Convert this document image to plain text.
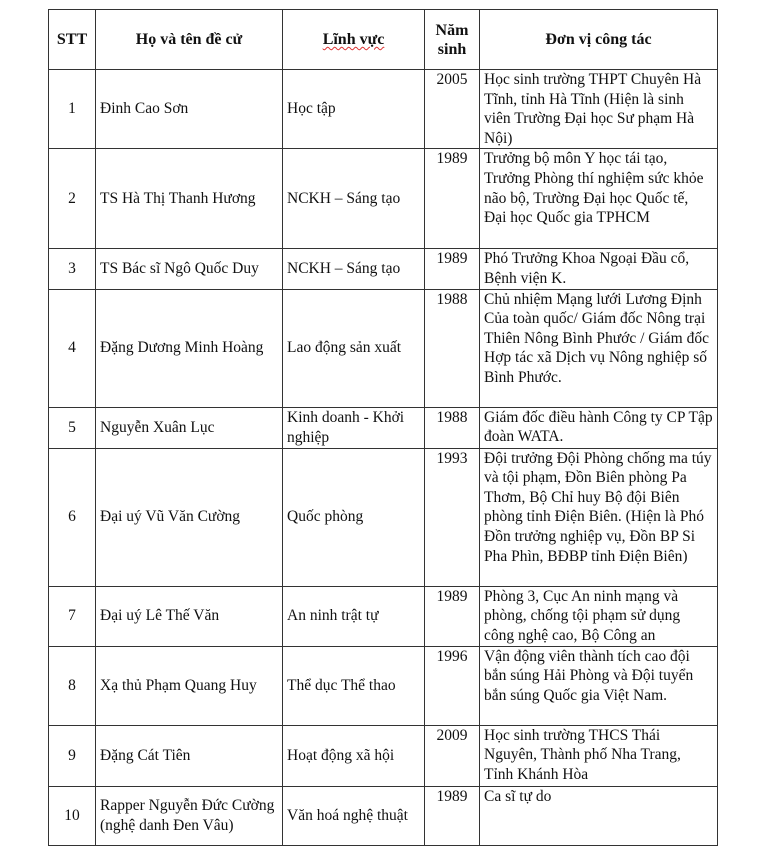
STT	Họ và tên đề cử	Lĩnh vực	Năm sinh	Đơn vị công tác
1	Đinh Cao Sơn	Học tập	2005	Học sinh trường THPT Chuyên Hà Tĩnh, tỉnh Hà Tĩnh (Hiện là sinh viên Trường Đại học Sư phạm Hà Nội)
2	TS Hà Thị Thanh Hương	NCKH – Sáng tạo	1989	Trưởng bộ môn Y học tái tạo, Trưởng Phòng thí nghiệm sức khỏe não bộ, Trường Đại học Quốc tế, Đại học Quốc gia TPHCM
3	TS Bác sĩ Ngô Quốc Duy	NCKH – Sáng tạo	1989	Phó Trưởng Khoa Ngoại Đầu cổ, Bệnh viện K.
4	Đặng Dương Minh Hoàng	Lao động sản xuất	1988	Chủ nhiệm Mạng lưới Lương Định Của toàn quốc/ Giám đốc Nông trại Thiên Nông Bình Phước / Giám đốc Hợp tác xã Dịch vụ Nông nghiệp số Bình Phước.
5	Nguyễn Xuân Lục	Kinh doanh - Khởi nghiệp	1988	Giám đốc điều hành Công ty CP Tập đoàn WATA.
6	Đại uý Vũ Văn Cường	Quốc phòng	1993	Đội trưởng Đội Phòng chống ma túy và tội phạm, Đồn Biên phòng Pa Thơm, Bộ Chỉ huy Bộ đội Biên phòng tỉnh Điện Biên. (Hiện là Phó Đồn trưởng nghiệp vụ, Đồn BP Si Pha Phìn, BĐBP tỉnh Điện Biên)
7	Đại uý Lê Thế Văn	An ninh trật tự	1989	Phòng 3, Cục An ninh mạng và phòng, chống tội phạm sử dụng công nghệ cao, Bộ Công an
8	Xạ thủ Phạm Quang Huy	Thể dục Thể thao	1996	Vận động viên thành tích cao đội bắn súng Hải Phòng và Đội tuyển bắn súng Quốc gia Việt Nam.
9	Đặng Cát Tiên	Hoạt động xã hội	2009	Học sinh trường THCS Thái Nguyên, Thành phố Nha Trang, Tỉnh Khánh Hòa
10	Rapper Nguyễn Đức Cường (nghệ danh Đen Vâu)	Văn hoá nghệ thuật	1989	Ca sĩ tự do
